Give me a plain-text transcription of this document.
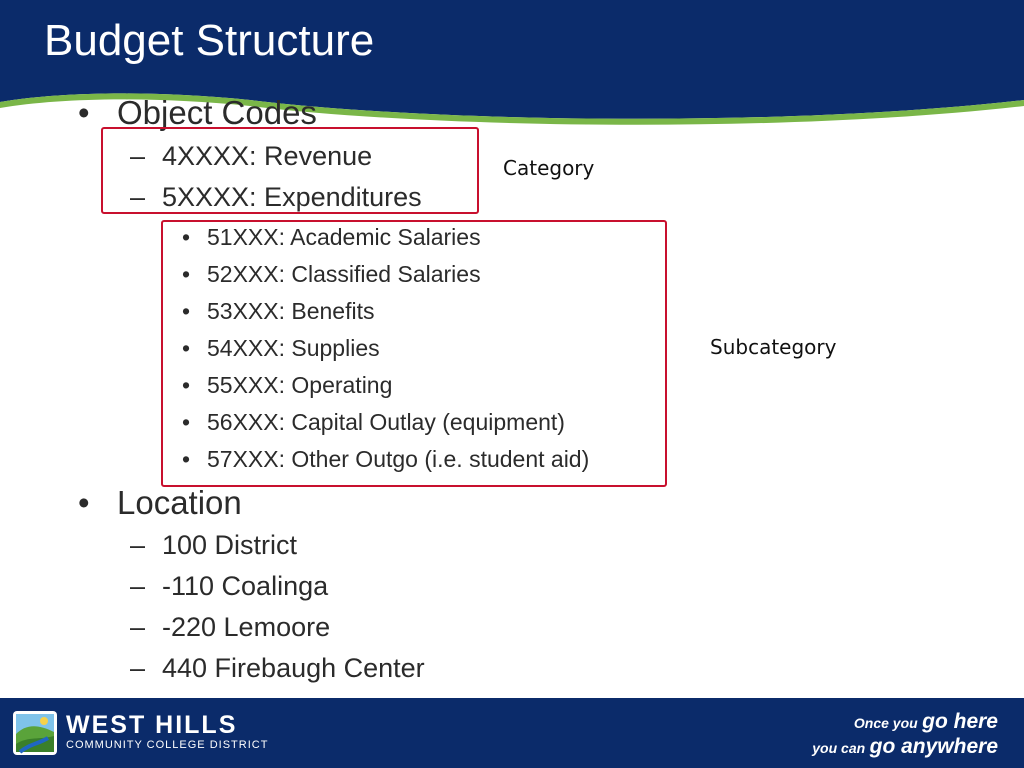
Budget Structure
• Object Codes
– 4XXXX: Revenue
– 5XXXX: Expenditures
• 51XXX: Academic Salaries
• 52XXX: Classified Salaries
• 53XXX: Benefits
• 54XXX: Supplies
• 55XXX: Operating
• 56XXX: Capital Outlay (equipment)
• 57XXX: Other Outgo (i.e. student aid)
Category
Subcategory
• Location
– 100 District
– -110 Coalinga
– -220 Lemoore
– 440 Firebaugh Center
WEST HILLS
COMMUNITY COLLEGE DISTRICT
Once you go here
you can go anywhere
